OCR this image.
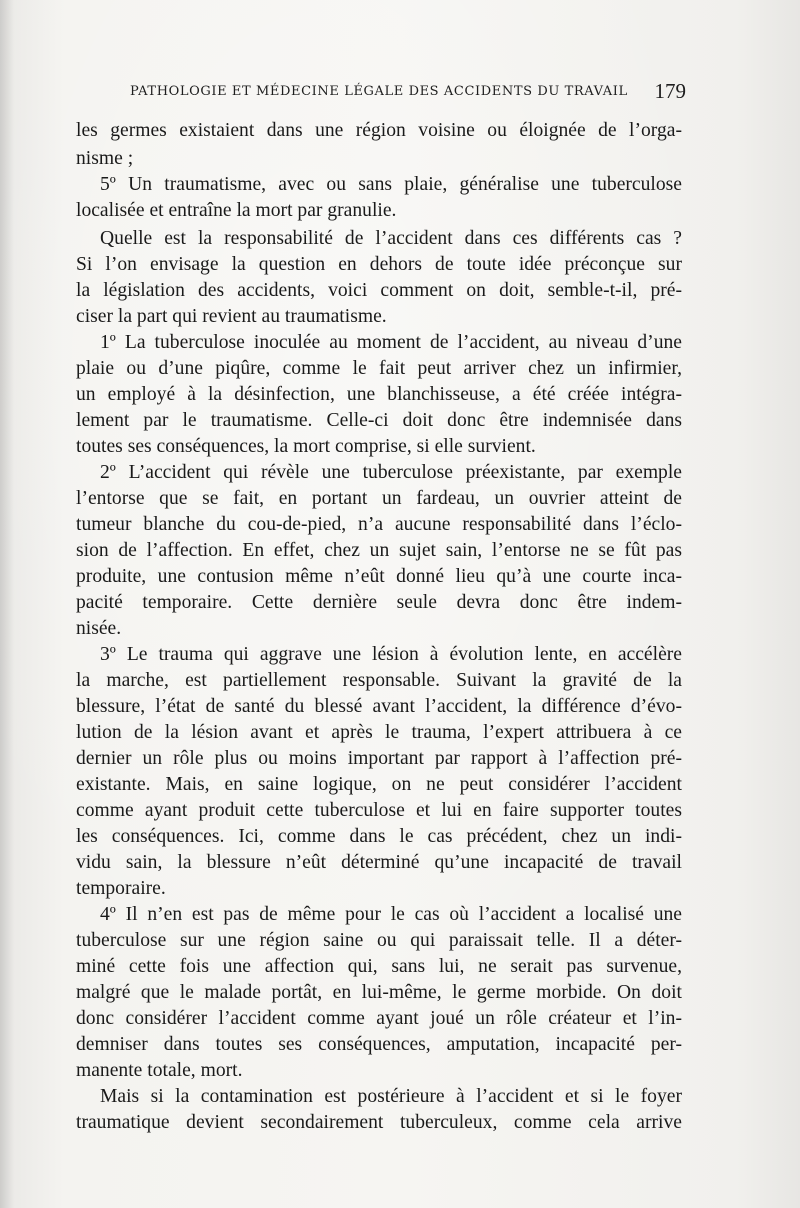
PATHOLOGIE ET MÉDECINE LÉGALE DES ACCIDENTS DU TRAVAIL	179
les germes existaient dans une région voisine ou éloignée de l’orga-
nisme ;
5º Un traumatisme, avec ou sans plaie, généralise une tuberculose
localisée et entraîne la mort par granulie.
Quelle est la responsabilité de l’accident dans ces différents cas ?
Si l’on envisage la question en dehors de toute idée préconçue sur
la législation des accidents, voici comment on doit, semble-t-il, pré-
ciser la part qui revient au traumatisme.
1º La tuberculose inoculée au moment de l’accident, au niveau d’une
plaie ou d’une piqûre, comme le fait peut arriver chez un infirmier,
un employé à la désinfection, une blanchisseuse, a été créée intégra-
lement par le traumatisme. Celle-ci doit donc être indemnisée dans
toutes ses conséquences, la mort comprise, si elle survient.
2º L’accident qui révèle une tuberculose préexistante, par exemple
l’entorse que se fait, en portant un fardeau, un ouvrier atteint de
tumeur blanche du cou-de-pied, n’a aucune responsabilité dans l’éclo-
sion de l’affection. En effet, chez un sujet sain, l’entorse ne se fût pas
produite, une contusion même n’eût donné lieu qu’à une courte inca-
pacité temporaire. Cette dernière seule devra donc être indem-
nisée.
3º Le trauma qui aggrave une lésion à évolution lente, en accélère
la marche, est partiellement responsable. Suivant la gravité de la
blessure, l’état de santé du blessé avant l’accident, la différence d’évo-
lution de la lésion avant et après le trauma, l’expert attribuera à ce
dernier un rôle plus ou moins important par rapport à l’affection pré-
existante. Mais, en saine logique, on ne peut considérer l’accident
comme ayant produit cette tuberculose et lui en faire supporter toutes
les conséquences. Ici, comme dans le cas précédent, chez un indi-
vidu sain, la blessure n’eût déterminé qu’une incapacité de travail
temporaire.
4º Il n’en est pas de même pour le cas où l’accident a localisé une
tuberculose sur une région saine ou qui paraissait telle. Il a déter-
miné cette fois une affection qui, sans lui, ne serait pas survenue,
malgré que le malade portât, en lui-même, le germe morbide. On doit
donc considérer l’accident comme ayant joué un rôle créateur et l’in-
demniser dans toutes ses conséquences, amputation, incapacité per-
manente totale, mort.
Mais si la contamination est postérieure à l’accident et si le foyer
traumatique devient secondairement tuberculeux, comme cela arrive
